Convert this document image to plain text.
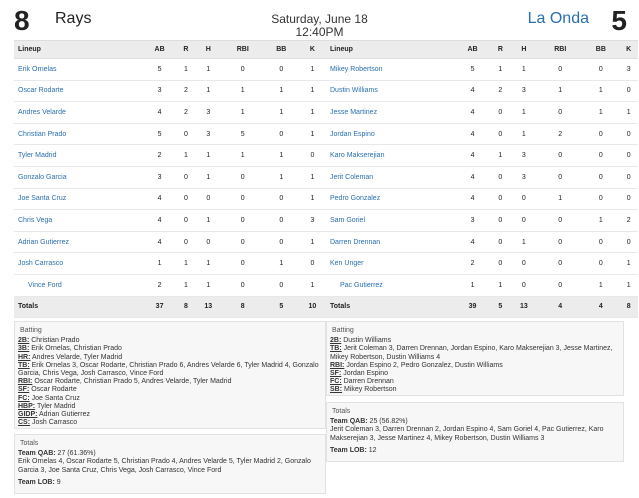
8 Rays	Saturday, June 18
12:40PM
La Onda 5
Lineup	AB	R	H	RBI	BB	K
Erik Ornelas	5	1	1	0	0	1
Oscar Rodarte	3	2	1	1	1	1
Andres Velarde	4	2	3	1	1	1
Christian Prado	5	0	3	5	0	1
Tyler Madrid	2	1	1	1	1	0
Gonzalo Garcia	3	0	1	0	1	1
Joe Santa Cruz	4	0	0	0	0	1
Chris Vega	4	0	1	0	0	3
Adrian Gutierrez	4	0	0	0	0	1
Josh Carrasco	1	1	1	0	1	0
Vince Ford	2	1	1	0	0	1
Totals	37	8	13	8	5	10
Lineup	AB	R	H	RBI	BB	K
Mikey Robertson	5	1	1	0	0	3
Dustin Williams	4	2	3	1	1	0
Jesse Martinez	4	0	1	0	1	1
Jordan Espino	4	0	1	2	0	0
Karo Makserejian	4	1	3	0	0	0
Jerit Coleman	4	0	3	0	0	0
Pedro Gonzalez	4	0	0	1	0	0
Sam Goriel	3	0	0	0	1	2
Darren Drennan	4	0	1	0	0	0
Ken Unger	2	0	0	0	0	1
Pac Gutierrez	1	1	0	0	1	1
Totals	39	5	13	4	4	8
Batting
2B: Christian Prado
3B: Erik Ornelas, Christian Prado
HR: Andres Velarde, Tyler Madrid
TB: Erik Ornelas 3, Oscar Rodarte, Christian Prado 6, Andres Velarde 6, Tyler Madrid 4, Gonzalo Garcia, Chris Vega, Josh Carrasco, Vince Ford
RBI: Oscar Rodarte, Christian Prado 5, Andres Velarde, Tyler Madrid
SF: Oscar Rodarte
FC: Joe Santa Cruz
HBP: Tyler Madrid
GIDP: Adrian Gutierrez
CS: Josh Carrasco
Totals
Team QAB: 27 (61.36%)
Erik Ornelas 4, Oscar Rodarte 5, Christian Prado 4, Andres Velarde 5, Tyler Madrid 2, Gonzalo Garcia 3, Joe Santa Cruz, Chris Vega, Josh Carrasco, Vince Ford
Team LOB: 9
Batting
2B: Dustin Williams
TB: Jerit Coleman 3, Darren Drennan, Jordan Espino, Karo Makserejian 3, Jesse Martinez, Mikey Robertson, Dustin Williams 4
RBI: Jordan Espino 2, Pedro Gonzalez, Dustin Williams
SF: Jordan Espino
FC: Darren Drennan
SB: Mikey Robertson
Totals
Team QAB: 25 (56.82%)
Jerit Coleman 3, Darren Drennan 2, Jordan Espino 4, Sam Goriel 4, Pac Gutierrez, Karo Makserejian 3, Jesse Martinez 4, Mikey Robertson, Dustin Williams 3
Team LOB: 12
